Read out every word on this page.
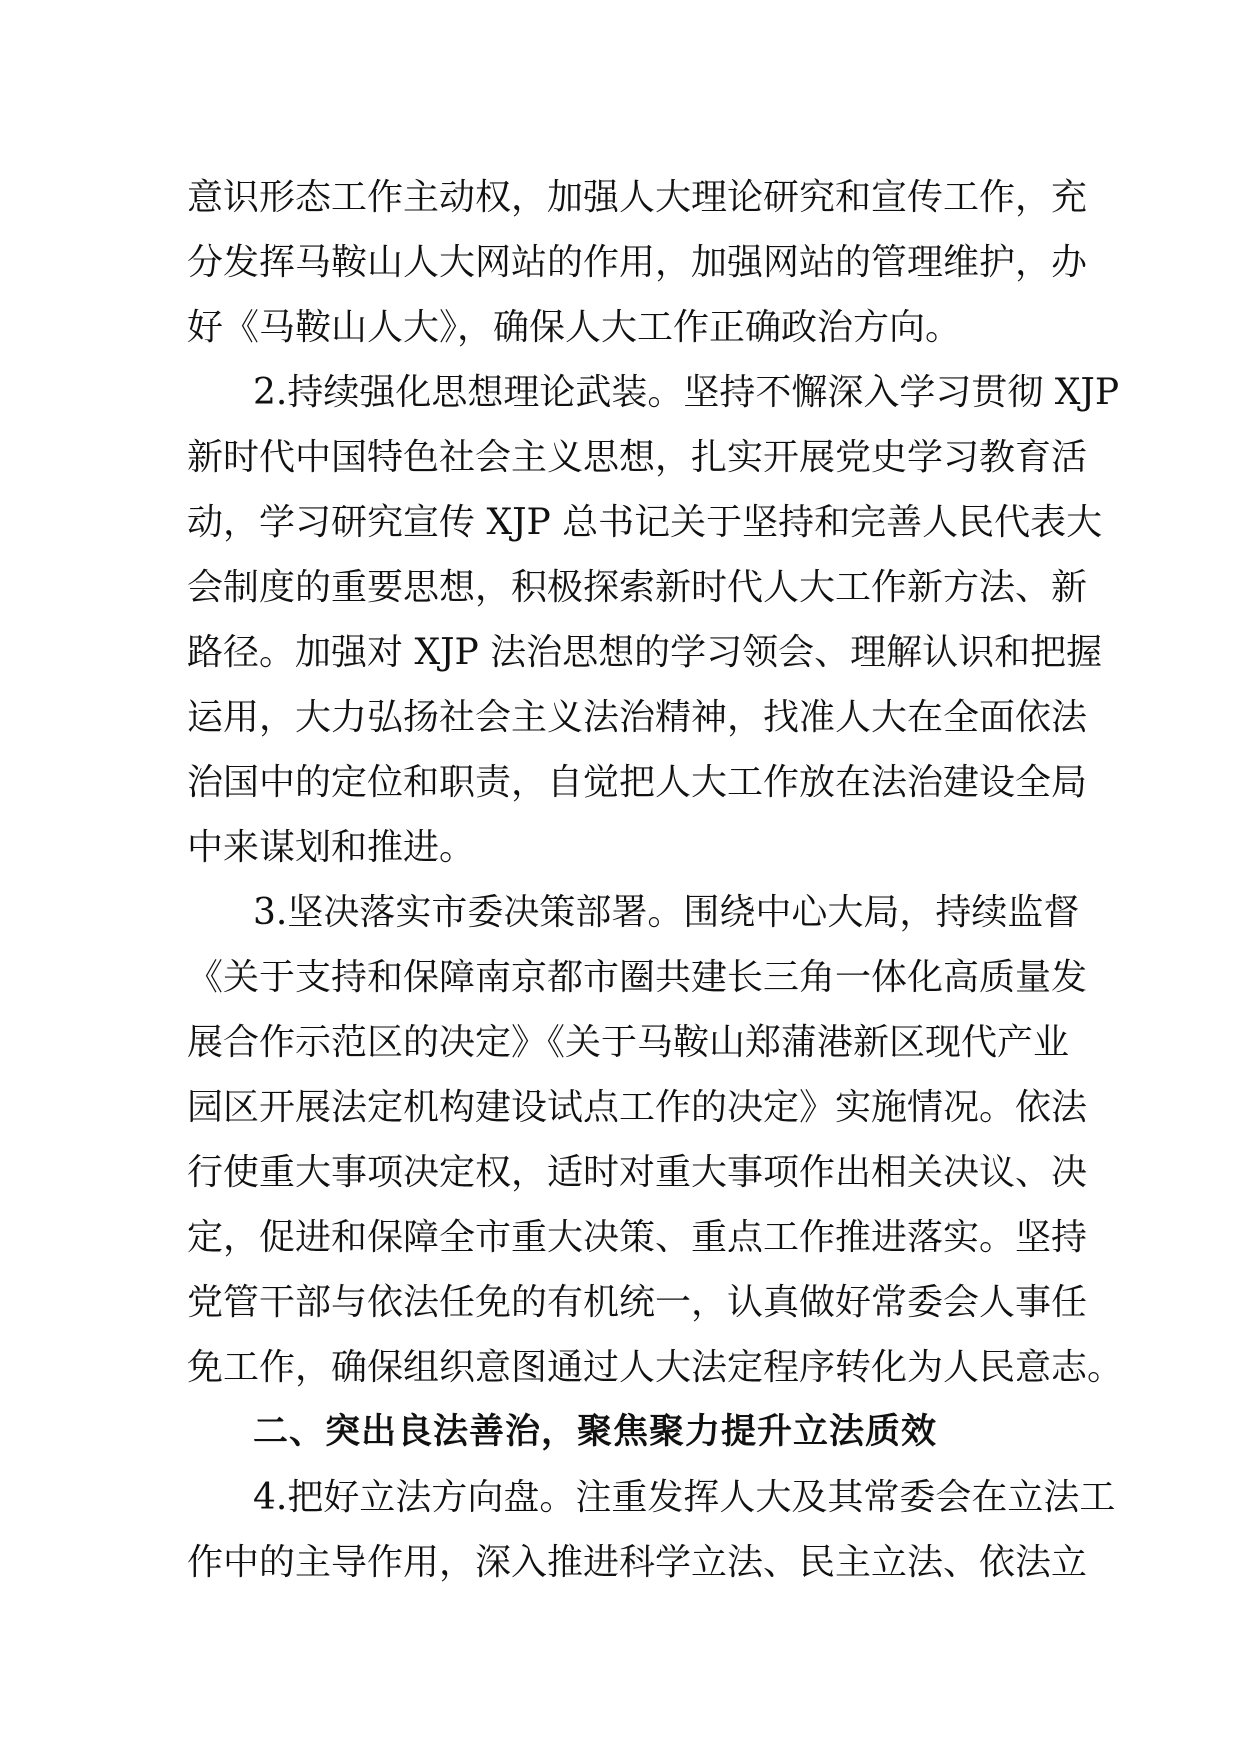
意识形态工作主动权，加强人大理论研究和宣传工作，充
分发挥马鞍山人大网站的作用，加强网站的管理维护，办
好《马鞍山人大》，确保人大工作正确政治方向。
2.持续强化思想理论武装。坚持不懈深入学习贯彻 XJP
新时代中国特色社会主义思想，扎实开展党史学习教育活
动，学习研究宣传 XJP 总书记关于坚持和完善人民代表大
会制度的重要思想，积极探索新时代人大工作新方法、新
路径。加强对 XJP 法治思想的学习领会、理解认识和把握
运用，大力弘扬社会主义法治精神，找准人大在全面依法
治国中的定位和职责，自觉把人大工作放在法治建设全局
中来谋划和推进。
3.坚决落实市委决策部署。围绕中心大局，持续监督
《关于支持和保障南京都市圈共建长三角一体化高质量发
展合作示范区的决定》《关于马鞍山郑蒲港新区现代产业
园区开展法定机构建设试点工作的决定》实施情况。依法
行使重大事项决定权，适时对重大事项作出相关决议、决
定，促进和保障全市重大决策、重点工作推进落实。坚持
党管干部与依法任免的有机统一，认真做好常委会人事任
免工作，确保组织意图通过人大法定程序转化为人民意志。
二、突出良法善治，聚焦聚力提升立法质效
4.把好立法方向盘。注重发挥人大及其常委会在立法工
作中的主导作用，深入推进科学立法、民主立法、依法立
